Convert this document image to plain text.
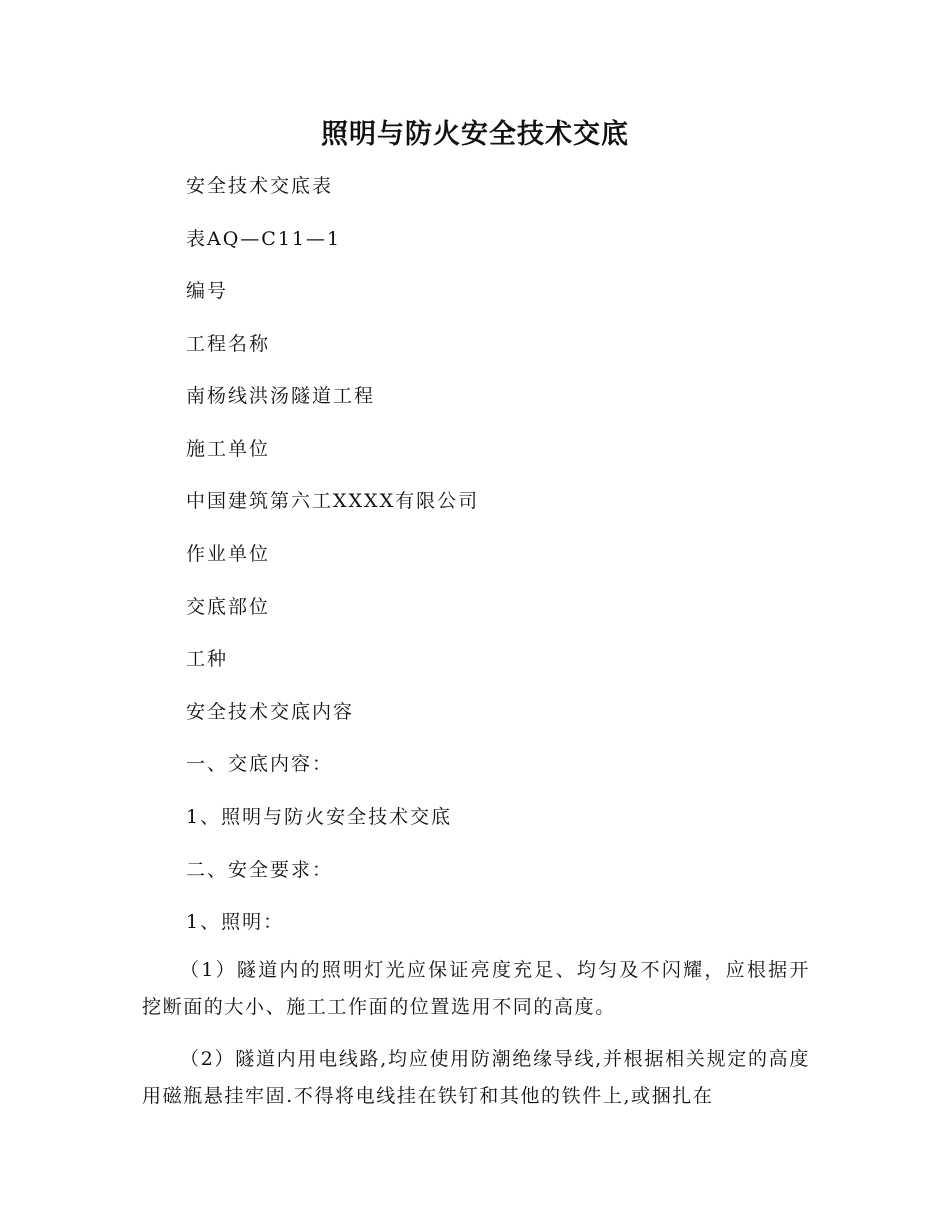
照明与防火安全技术交底

安全技术交底表

表AQ—C11—1

编号

工程名称

南杨线洪汤隧道工程

施工单位

中国建筑第六工XXXX有限公司

作业单位

交底部位

工种

安全技术交底内容

一、交底内容：

1、照明与防火安全技术交底

二、安全要求：

1、照明：

（1）隧道内的照明灯光应保证亮度充足、均匀及不闪耀，应根据开挖断面的大小、施工工作面的位置选用不同的高度。

（2）隧道内用电线路,均应使用防潮绝缘导线,并根据相关规定的高度用磁瓶悬挂牢固.不得将电线挂在铁钉和其他的铁件上,或捆扎在
